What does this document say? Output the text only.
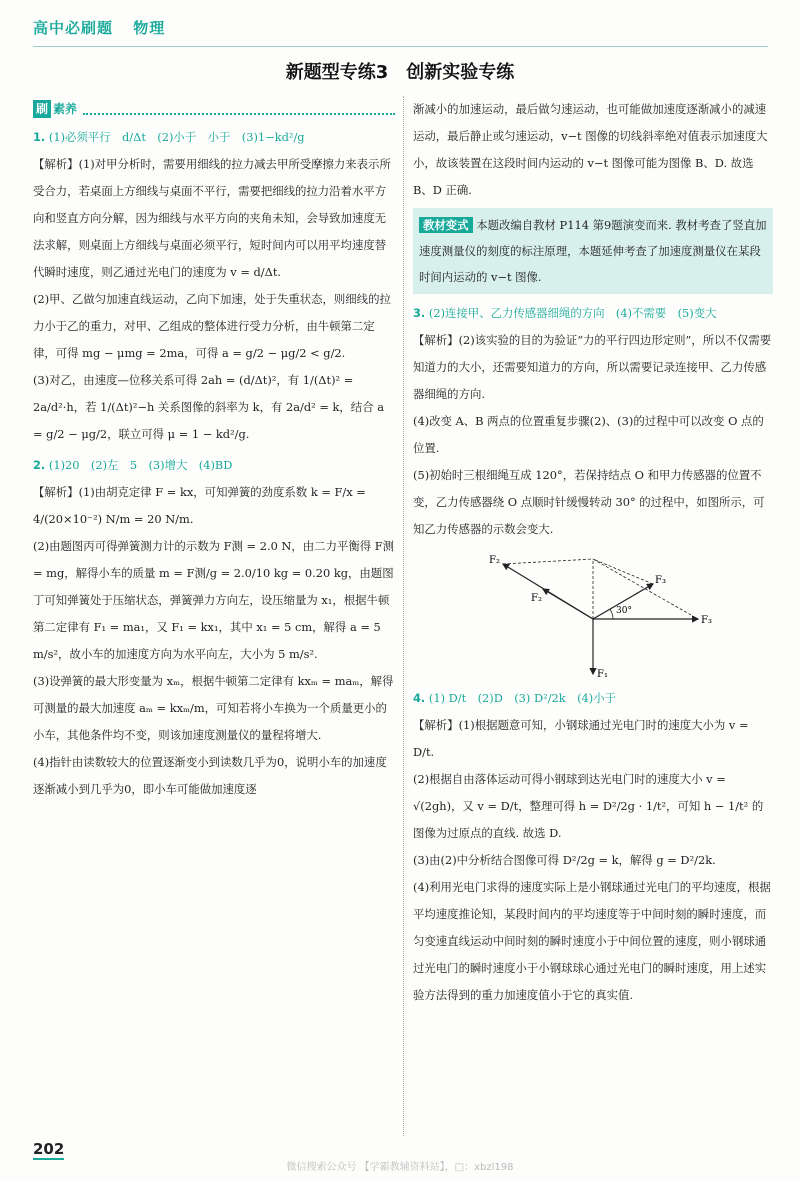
高中必刷题 物理
新题型专练3　创新实验专练
刷 素养

1. (1)必须平行　d/Δt　(2)小于　小于　(3)1−kd²/g

【解析】(1)对甲分析时，需要用细线的拉力减去甲所受摩擦力来表示所受合力，若桌面上方细线与桌面不平行，需要把细线的拉力沿着水平方向和竖直方向分解，因为细线与水平方向的夹角未知，会导致加速度无法求解，则桌面上方细线与桌面必须平行，短时间内可以用平均速度替代瞬时速度，则乙通过光电门的速度为 v = d/Δt.

(2)甲、乙做匀加速直线运动，乙向下加速，处于失重状态，则细线的拉力小于乙的重力，对甲、乙组成的整体进行受力分析，由牛顿第二定律，可得 mg − μmg = 2ma，可得 a = g/2 − μg/2 < g/2.

(3)对乙，由速度—位移关系可得 2ah = (d/Δt)²，有 1/(Δt)² = 2a/d²·h，若 1/(Δt)²−h 关系图像的斜率为 k，有 2a/d² = k，结合 a = g/2 − μg/2，联立可得 μ = 1 − kd²/g.

2. (1)20　(2)左　5　(3)增大　(4)BD

【解析】(1)由胡克定律 F = kx，可知弹簧的劲度系数 k = F/x = 4/(20×10⁻²) N/m = 20 N/m.

(2)由题图丙可得弹簧测力计的示数为 F测 = 2.0 N，由二力平衡得 F测 = mg，解得小车的质量 m = F测/g = 2.0/10 kg = 0.20 kg，由题图丁可知弹簧处于压缩状态，弹簧弹力方向左，设压缩量为 x₁，根据牛顿第二定律有 F₁ = ma₁，又 F₁ = kx₁，其中 x₁ = 5 cm，解得 a = 5 m/s²，故小车的加速度方向为水平向左，大小为 5 m/s².

(3)设弹簧的最大形变量为 xₘ，根据牛顿第二定律有 kxₘ = maₘ，解得可测量的最大加速度 aₘ = kxₘ/m，可知若将小车换为一个质量更小的小车，其他条件均不变，则该加速度测量仪的量程将增大.

(4)指针由读数较大的位置逐渐变小到读数几乎为0，说明小车的加速度逐渐减小到几乎为0，即小车可能做加速度逐

渐减小的加速运动，最后做匀速运动，也可能做加速度逐渐减小的减速运动，最后静止或匀速运动，v−t 图像的切线斜率绝对值表示加速度大小，故该装置在这段时间内运动的 v−t 图像可能为图像 B、D. 故选 B、D 正确.

教材变式 本题改编自教材 P114 第9题演变而来. 教材考查了竖直加速度测量仪的刻度的标注原理，本题延伸考查了加速度测量仪在某段时间内运动的 v−t 图像.

3. (2)连接甲、乙力传感器细绳的方向　(4)不需要　(5)变大

【解析】(2)该实验的目的为验证“力的平行四边形定则”，所以不仅需要知道力的大小，还需要知道力的方向，所以需要记录连接甲、乙力传感器细绳的方向.

(4)改变 A、B 两点的位置重复步骤(2)、(3)的过程中可以改变 O 点的位置.

(5)初始时三根细绳互成 120°，若保持结点 O 和甲力传感器的位置不变，乙力传感器绕 O 点顺时针缓慢转动 30° 的过程中，如图所示，可知乙力传感器的示数会变大.

F₂
F₂
F₃
F₃
F₁
30°

4. (1) D/t　(2)D　(3) D²/2k　(4)小于

【解析】(1)根据题意可知，小钢球通过光电门时的速度大小为 v = D/t.

(2)根据自由落体运动可得小钢球到达光电门时的速度大小 v = √(2gh)，又 v = D/t，整理可得 h = D²/2g · 1/t²，可知 h − 1/t² 的图像为过原点的直线. 故选 D.

(3)由(2)中分析结合图像可得 D²/2g = k，解得 g = D²/2k.

(4)利用光电门求得的速度实际上是小钢球通过光电门的平均速度，根据平均速度推论知，某段时间内的平均速度等于中间时刻的瞬时速度，而匀变速直线运动中间时刻的瞬时速度小于中间位置的速度，则小钢球通过光电门的瞬时速度小于小钢球球心通过光电门的瞬时速度，用上述实验方法得到的重力加速度值小于它的真实值.

202
微信搜索公众号 【学霸教辅资料站】，□：xbzl198
